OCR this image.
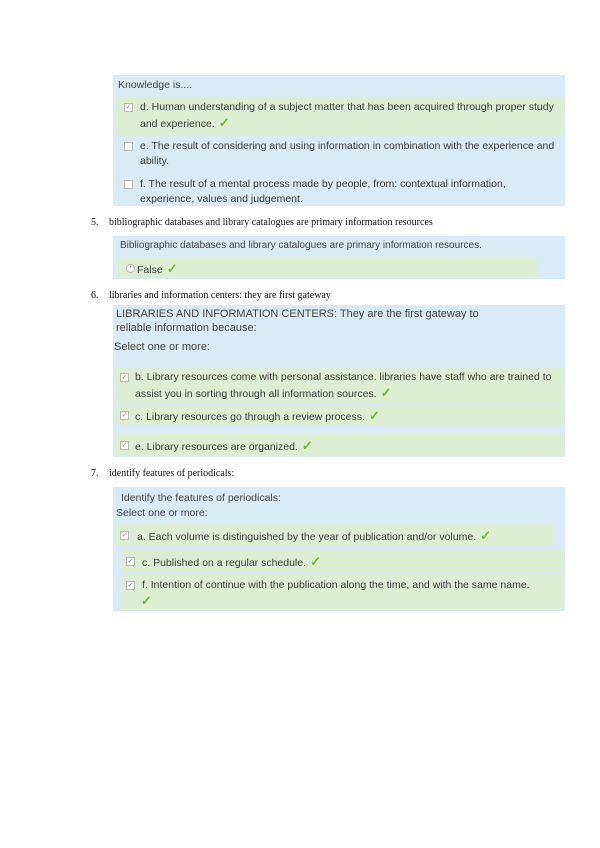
Knowledge is....
✓ d. Human understanding of a subject matter that has been acquired through proper study and experience. ✓
e. The result of considering and using information in combination with the experience and ability.
f. The result of a mental process made by people, from: contextual information, experience, values and judgement.
5. bibliographic databases and library catalogues are primary information resources
Bibliographic databases and library catalogues are primary information resources.
• False ✓
6. libraries and information centers: they are first gateway
LIBRARIES AND INFORMATION CENTERS: They are the first gateway to reliable information because:
Select one or more:
✓ b. Library resources come with personal assistance. libraries have staff who are trained to assist you in sorting through all information sources. ✓
✓ c. Library resources go through a review process. ✓
✓ e. Library resources are organized. ✓
7. identify features of periodicals:
Identify the features of periodicals:
Select one or more:
✓ a. Each volume is distinguished by the year of publication and/or volume. ✓
✓ c. Published on a regular schedule. ✓
✓ f. Intention of continue with the publication along the time, and with the same name.
✓
